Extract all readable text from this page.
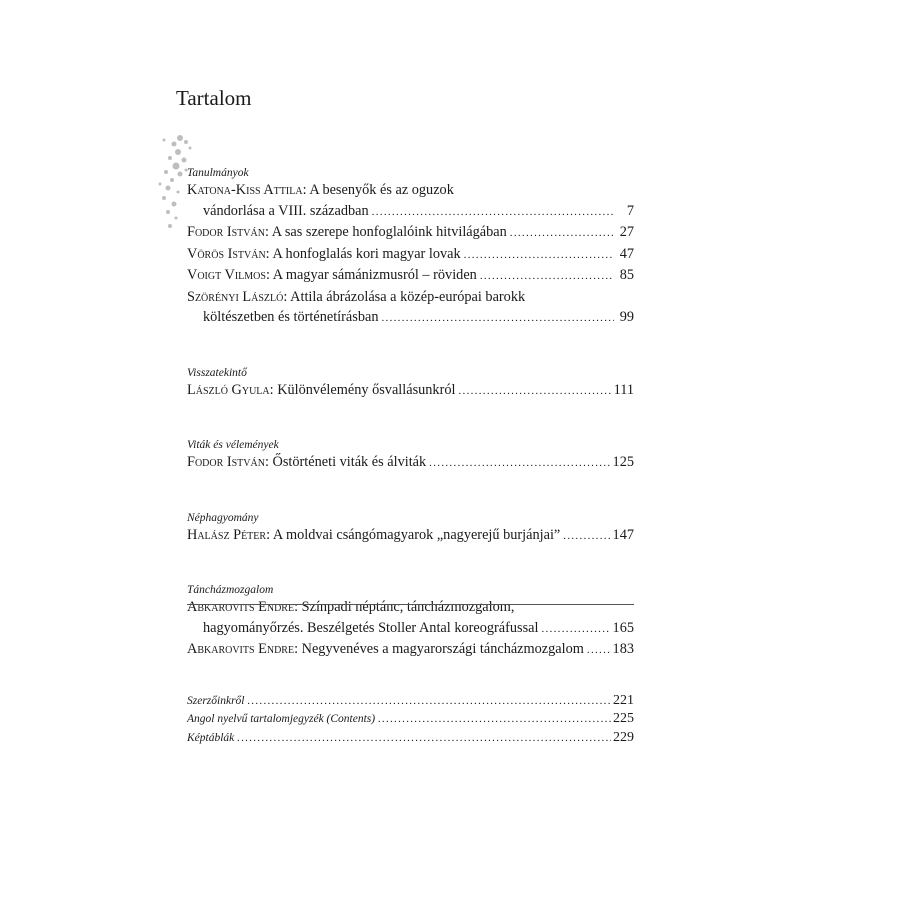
Tartalom
Tanulmányok
Katona-Kiss Attila: A besenyők és az oguzok
vándorlása a VIII. században .....	7
Fodor István: A sas szerepe honfoglalóink hitvilágában .....	27
Vörös István: A honfoglalás kori magyar lovak .....	47
Voigt Vilmos: A magyar sámánizmusról – röviden .....	85
Szörényi László: Attila ábrázolása a közép-európai barokk
költészetben és történetírásban .....	99
Visszatekintő
László Gyula: Különvélemény ősvallásunkról .....	111
Viták és vélemények
Fodor István: Őstörténeti viták és álviták .....	125
Néphagyomány
Halász Péter: A moldvai csángómagyarok „nagyerejű burjánjai” .....	147
Táncházmozgalom
Abkarovits Endre: Színpadi néptánc, táncházmozgalom,
hagyományőrzés. Beszélgetés Stoller Antal koreográfussal .....	165
Abkarovits Endre: Negyvenéves a magyarországi táncházmozgalom ..... 183
Szerzőinkről .....	221
Angol nyelvű tartalomjegyzék (Contents) .....	225
Képtáblák .....	229
